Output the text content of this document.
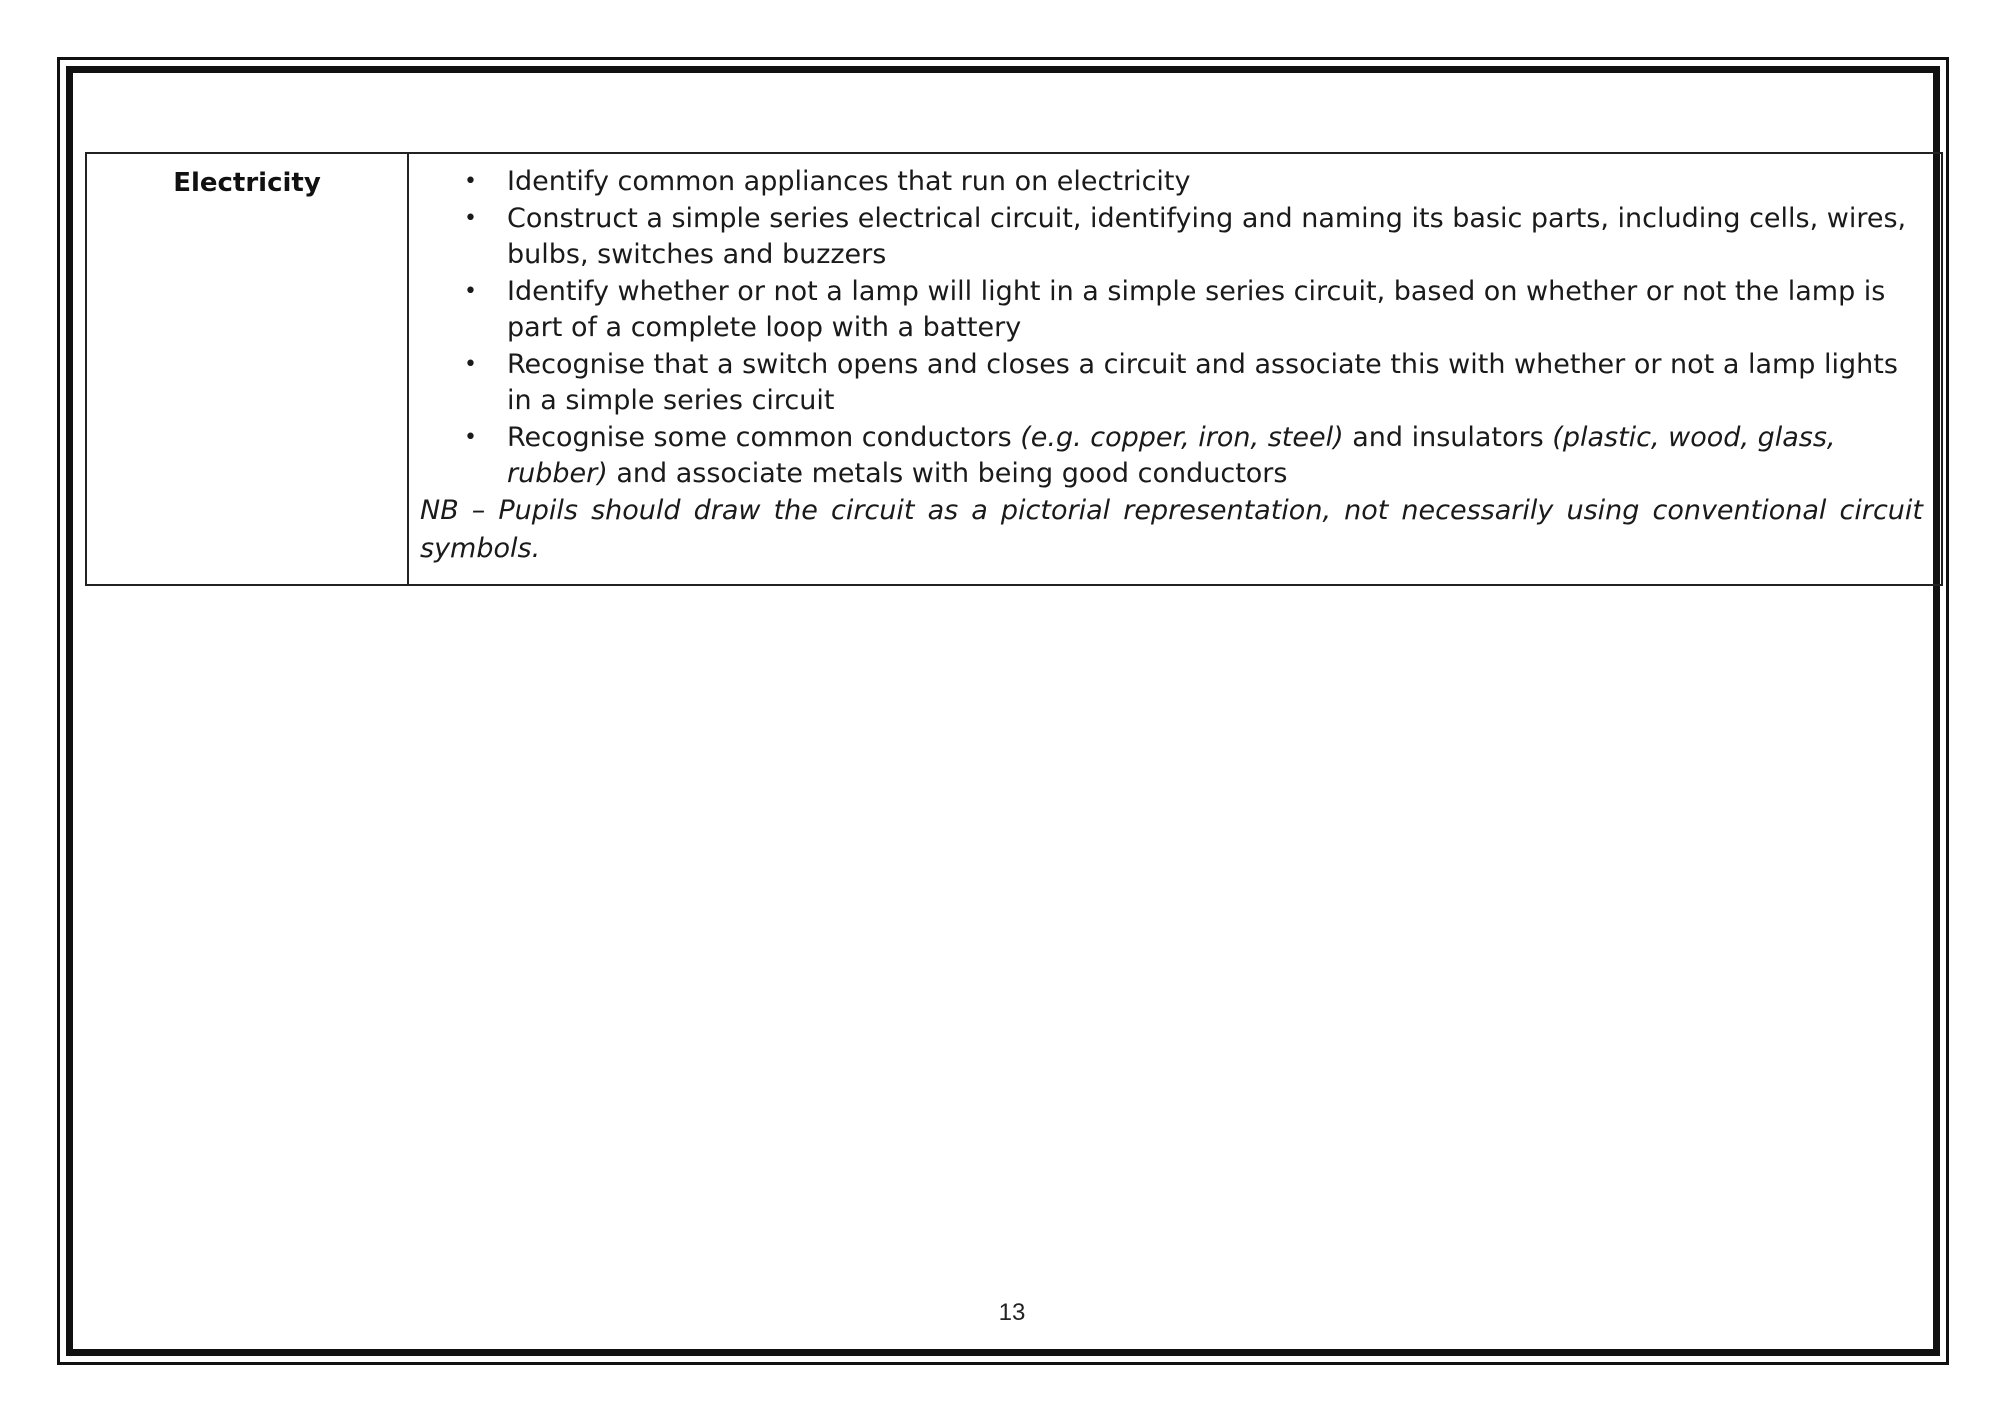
Electricity	• Identify common appliances that run on electricity
• Construct a simple series electrical circuit, identifying and naming its basic parts, including cells, wires, bulbs, switches and buzzers
• Identify whether or not a lamp will light in a simple series circuit, based on whether or not the lamp is part of a complete loop with a battery
• Recognise that a switch opens and closes a circuit and associate this with whether or not a lamp lights in a simple series circuit
• Recognise some common conductors (e.g. copper, iron, steel) and insulators (plastic, wood, glass, rubber) and associate metals with being good conductors

NB – Pupils should draw the circuit as a pictorial representation, not necessarily using conventional circuit symbols.

13
